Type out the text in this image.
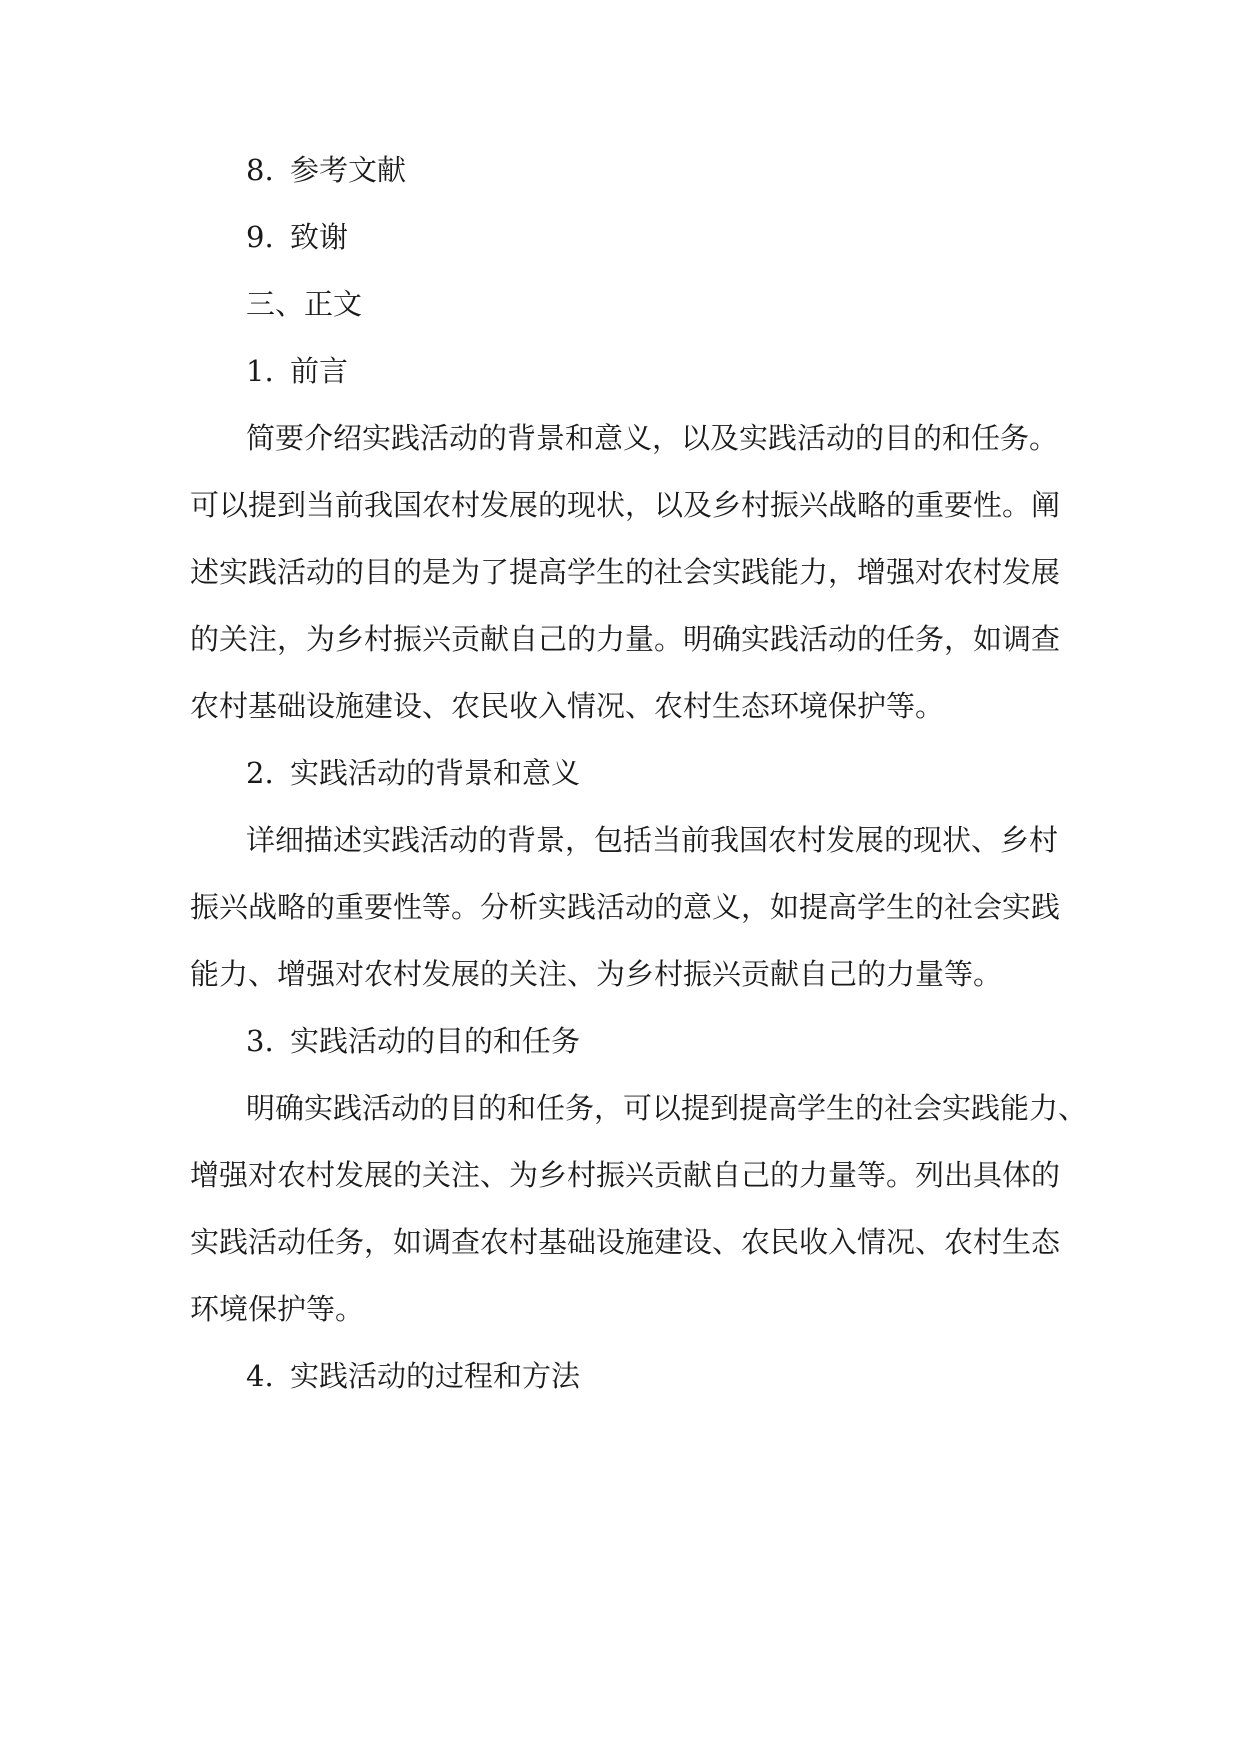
8. 参考文献
9. 致谢
三、正文
1. 前言
简要介绍实践活动的背景和意义，以及实践活动的目的和任务。
可以提到当前我国农村发展的现状，以及乡村振兴战略的重要性。阐
述实践活动的目的是为了提高学生的社会实践能力，增强对农村发展
的关注，为乡村振兴贡献自己的力量。明确实践活动的任务，如调查
农村基础设施建设、农民收入情况、农村生态环境保护等。
2. 实践活动的背景和意义
详细描述实践活动的背景，包括当前我国农村发展的现状、乡村
振兴战略的重要性等。分析实践活动的意义，如提高学生的社会实践
能力、增强对农村发展的关注、为乡村振兴贡献自己的力量等。
3. 实践活动的目的和任务
明确实践活动的目的和任务，可以提到提高学生的社会实践能力、
增强对农村发展的关注、为乡村振兴贡献自己的力量等。列出具体的
实践活动任务，如调查农村基础设施建设、农民收入情况、农村生态
环境保护等。
4. 实践活动的过程和方法
